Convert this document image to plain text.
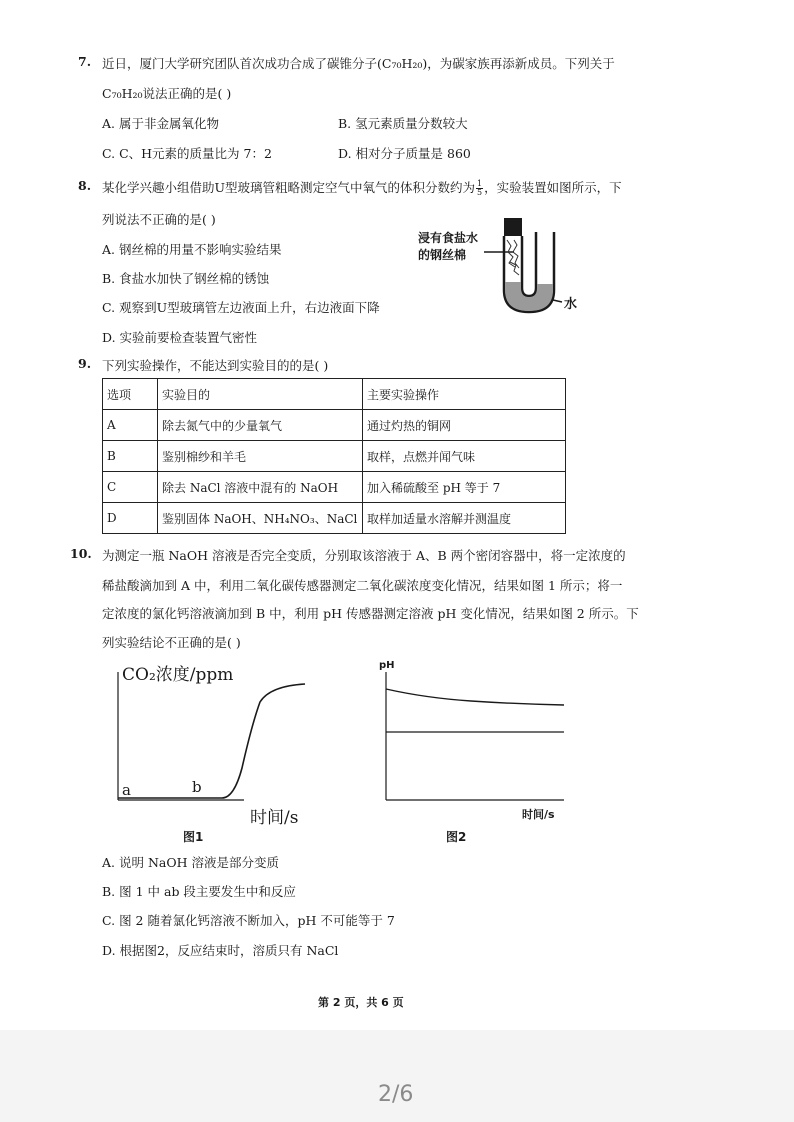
7. 近日，厦门大学研究团队首次成功合成了碳锥分子(C₇₀H₂₀)，为碳家族再添新成员。下列关于
C₇₀H₂₀说法正确的是( )
A. 属于非金属氧化物	B. 氢元素质量分数较大
C. C、H元素的质量比为 7：2	D. 相对分子质量是 860
8. 某化学兴趣小组借助U型玻璃管粗略测定空气中氧气的体积分数约为 $\frac{1}{5}$ ，实验装置如图所示，下
列说法不正确的是( )
A. 钢丝棉的用量不影响实验结果
B. 食盐水加快了钢丝棉的锈蚀
C. 观察到U型玻璃管左边液面上升，右边液面下降
D. 实验前要检查装置气密性
浸有食盐水
的钢丝棉
水
9. 下列实验操作，不能达到实验目的的是( )
选项	实验目的	主要实验操作
A	除去氮气中的少量氧气	通过灼热的铜网
B	鉴别棉纱和羊毛	取样，点燃并闻气味
C	除去 NaCl 溶液中混有的 NaOH	加入稀硫酸至 pH 等于 7
D	鉴别固体 NaOH、NH₄NO₃、NaCl	取样加适量水溶解并测温度
10. 为测定一瓶 NaOH 溶液是否完全变质，分别取该溶液于 A、B 两个密闭容器中，将一定浓度的
稀盐酸滴加到 A 中，利用二氧化碳传感器测定二氧化碳浓度变化情况，结果如图 1 所示；将一
定浓度的氯化钙溶液滴加到 B 中，利用 pH 传感器测定溶液 pH 变化情况，结果如图 2 所示。下
列实验结论不正确的是( )
CO₂浓度/ppm
a	b
时间/s
图1
pH
时间/s
图2
A. 说明 NaOH 溶液是部分变质
B. 图 1 中 ab 段主要发生中和反应
C. 图 2 随着氯化钙溶液不断加入，pH 不可能等于 7
D. 根据图2，反应结束时，溶质只有 NaCl
第 2 页，共 6 页
2/6
